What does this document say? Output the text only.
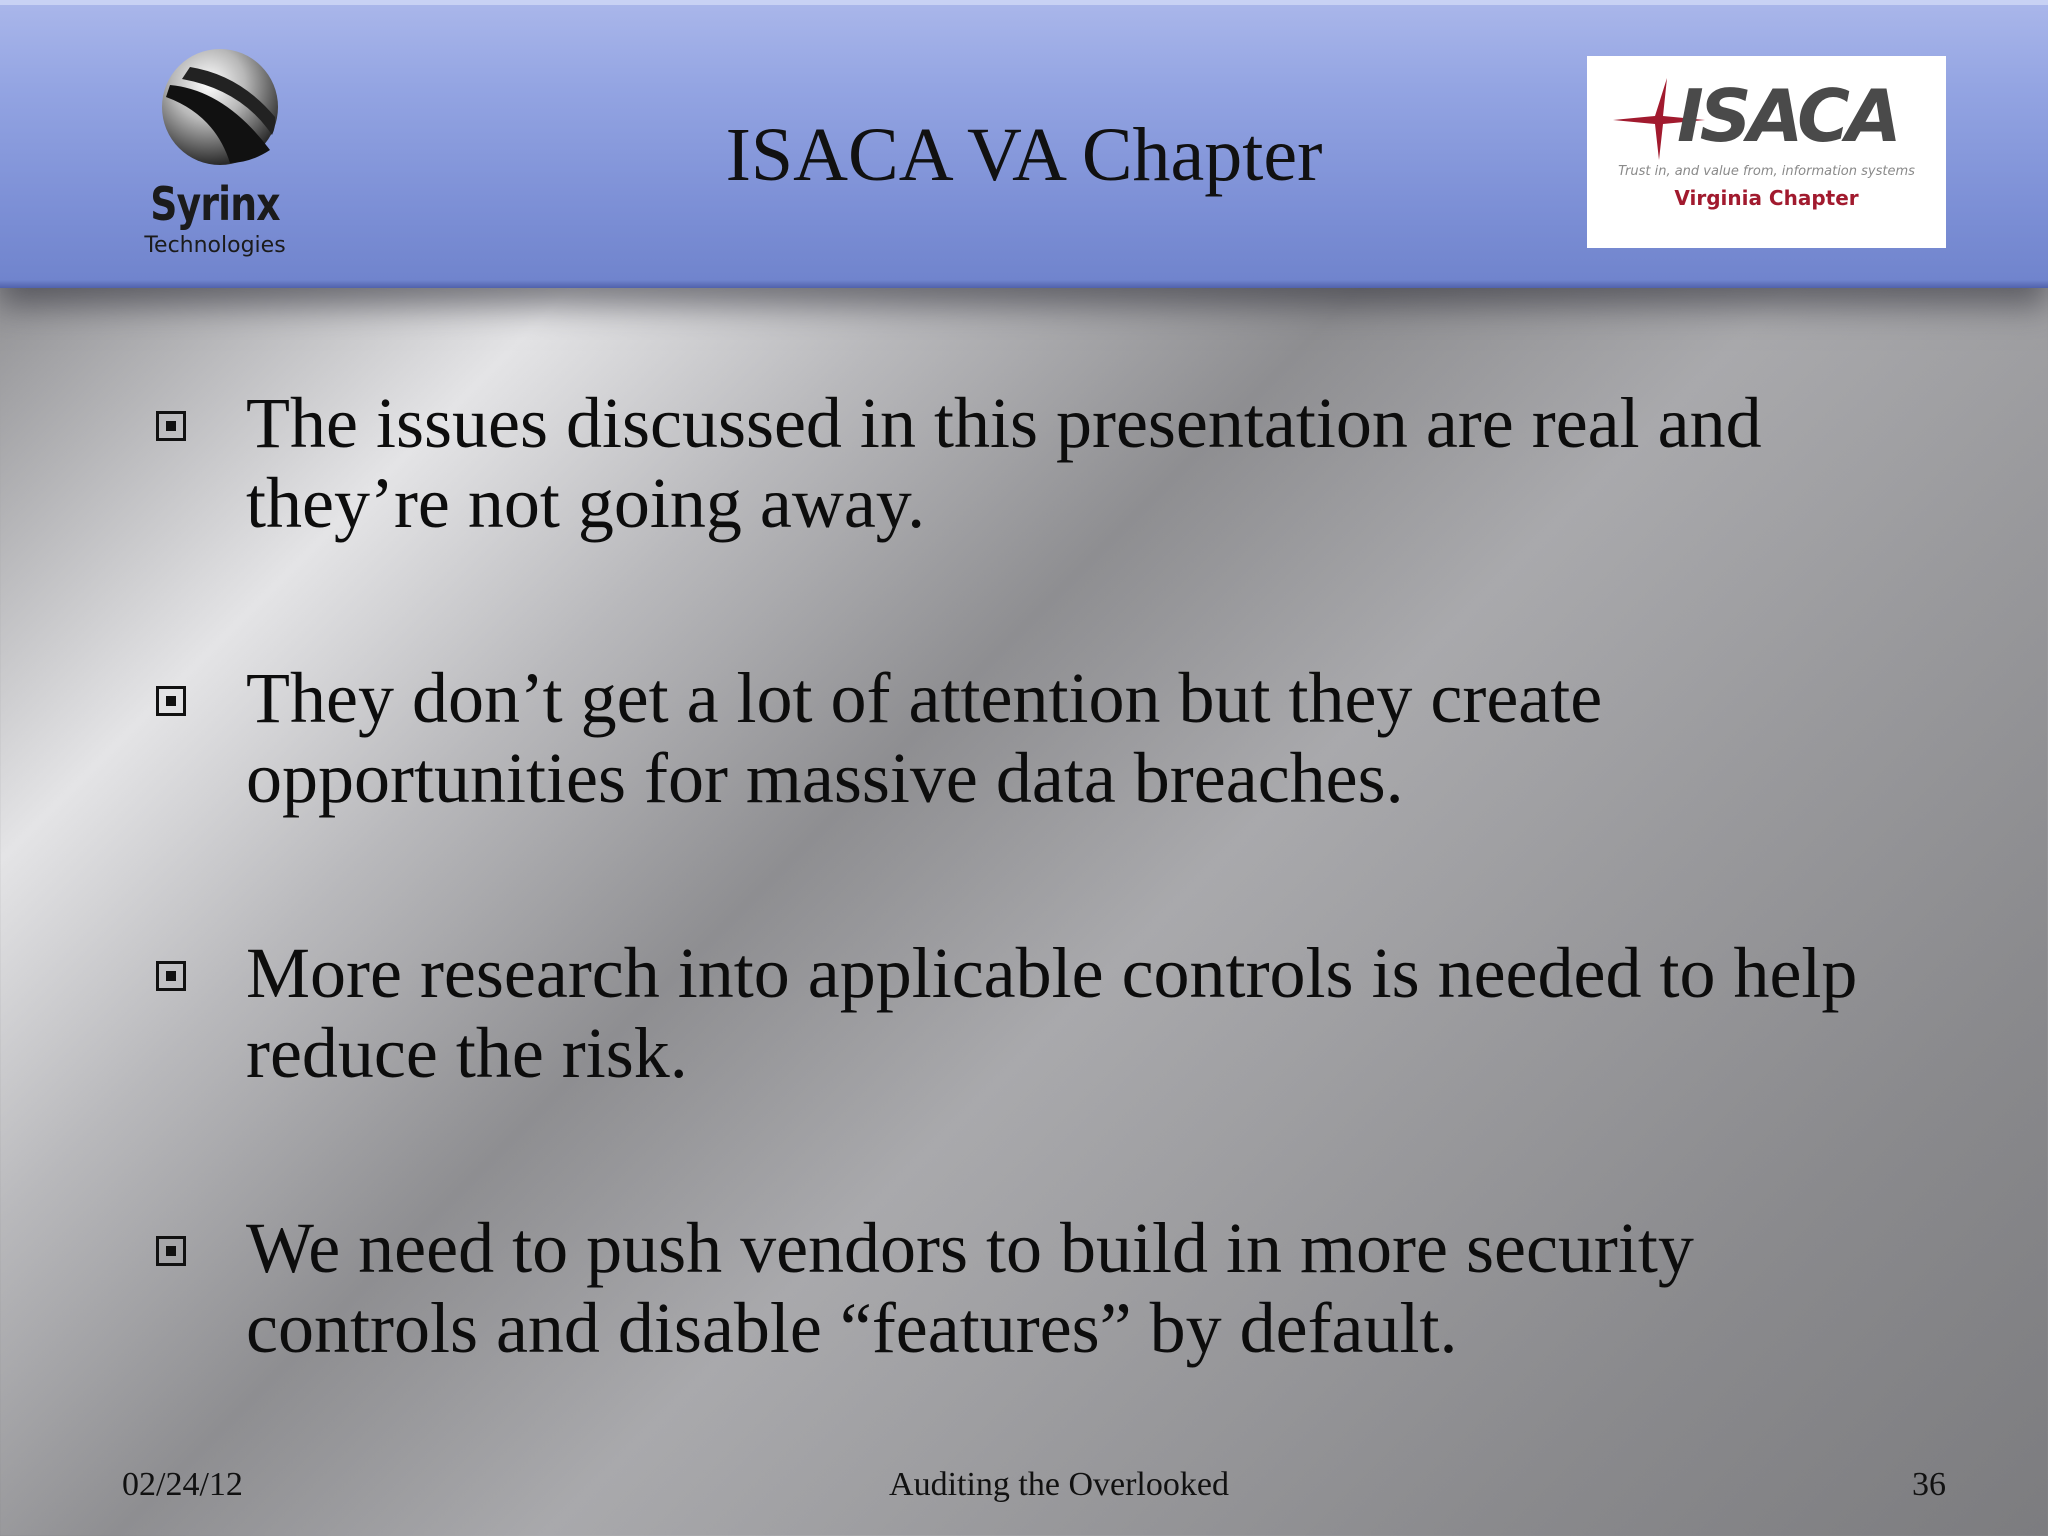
Syrinx
Technologies
ISACA VA Chapter	ISACA
Trust in, and value from, information systems
Virginia Chapter
The issues discussed in this presentation are real and they’re not going away.
They don’t get a lot of attention but they create opportunities for massive data breaches.
More research into applicable controls is needed to help reduce the risk.
We need to push vendors to build in more security controls and disable “features” by default.
02/24/12	Auditing the Overlooked	36
